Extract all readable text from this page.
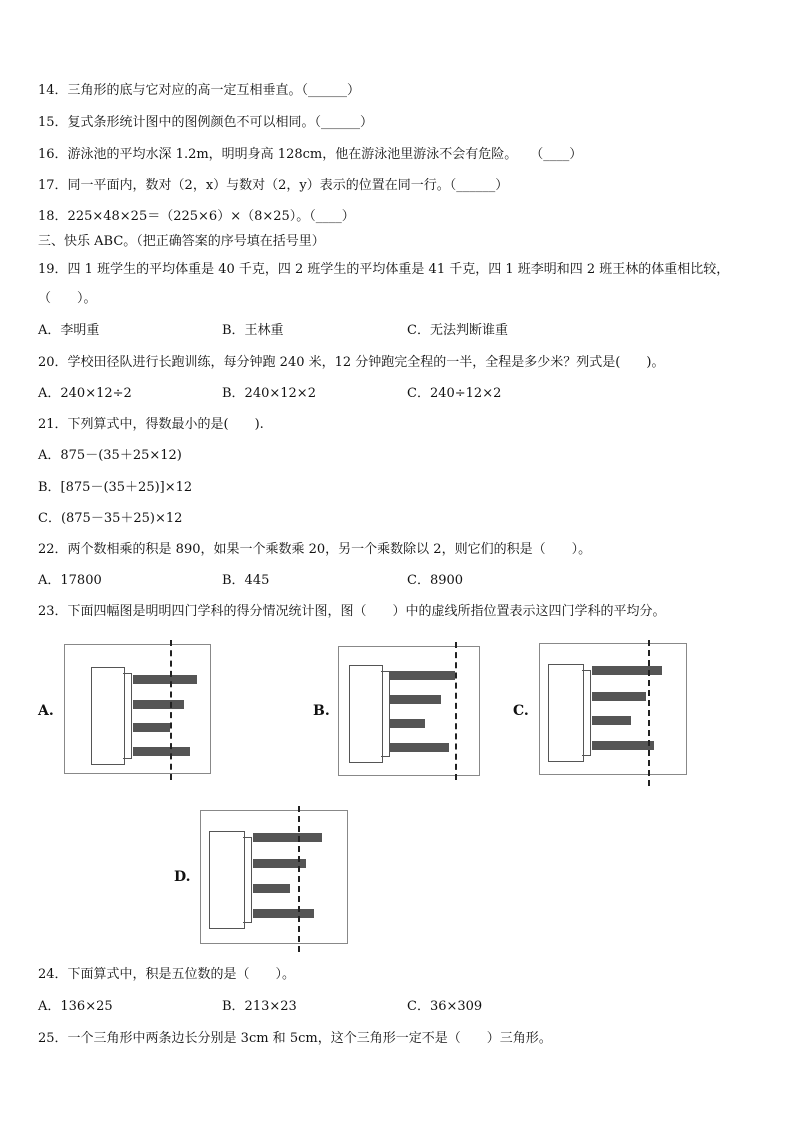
14．三角形的底与它对应的高一定互相垂直。（______）
15．复式条形统计图中的图例颜色不可以相同。（______）
16．游泳池的平均水深 1.2m，明明身高 128cm，他在游泳池里游泳不会有危险。　　（____）
17．同一平面内，数对（2，x）与数对（2，y）表示的位置在同一行。（______）
18．225×48×25＝（225×6）×（8×25）。（____）
三、快乐 ABC。（把正确答案的序号填在括号里）
19．四 1 班学生的平均体重是 40 千克，四 2 班学生的平均体重是 41 千克，四 1 班李明和四 2 班王林的体重相比较，
（　　）。
A．李明重	B．王林重	C．无法判断谁重
20．学校田径队进行长跑训练，每分钟跑 240 米，12 分钟跑完全程的一半，全程是多少米？列式是(　　)。
A．240×12÷2	B．240×12×2	C．240÷12×2
21．下列算式中，得数最小的是(　　).
A．875－(35＋25×12)
B．[875－(35＋25)]×12
C．(875－35＋25)×12
22．两个数相乘的积是 890，如果一个乘数乘 20，另一个乘数除以 2，则它们的积是（　　）。
A．17800	B．445	C．8900
23．下面四幅图是明明四门学科的得分情况统计图，图（　　）中的虚线所指位置表示这四门学科的平均分。
A.	B.	C.
D.
24．下面算式中，积是五位数的是（　　）。
A．136×25	B．213×23	C．36×309
25．一个三角形中两条边长分别是 3cm 和 5cm，这个三角形一定不是（　　）三角形。
